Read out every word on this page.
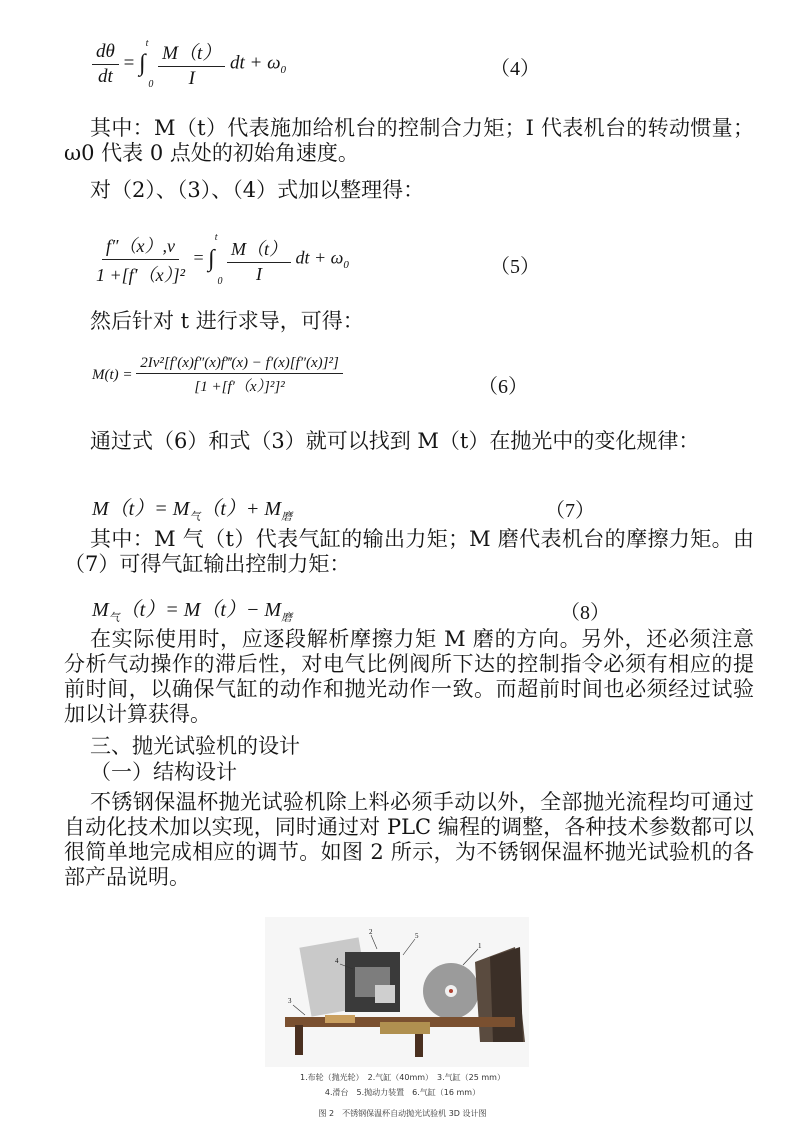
$\frac{d\theta}{dt} = \int^t0 \frac{M(t)}{I}$ dt + $\omega_0$	（4）

其中：M（t）代表施加给机台的控制合力矩；I 代表机台的转动惯量；ω0 代表 0 点处的初始角速度。

对（2）、（3）、（4）式加以整理得：

$\frac{f''(x),v}{\text{1 +[f′（x）]²}} = \int^t0 \frac{M(t)}{I}$ dt + $\omega_0$	（5）

然后针对 t 进行求导，可得：

$M(t) = \frac{\text{2Iv²[f′(x)f″(x)f‴(x) − f′(x)[f″(x)]²]}}{\text{[1 +[f′（x）]²]²}}$	（6）

通过式（6）和式（3）就可以找到 M（t）在抛光中的变化规律：

$M(t)= M_气(t)+ M_磨$	（7）

其中：M 气（t）代表气缸的输出力矩；M 磨代表机台的摩擦力矩。由（7）可得气缸输出控制力矩：

$M_气(t)= M(t)- M_磨$	（8）

在实际使用时，应逐段解析摩擦力矩 M 磨的方向。另外，还必须注意分析气动操作的滞后性，对电气比例阀所下达的控制指令必须有相应的提前时间，以确保气缸的动作和抛光动作一致。而超前时间也必须经过试验加以计算获得。

三、抛光试验机的设计

（一）结构设计

不锈钢保温杯抛光试验机除上料必须手动以外，全部抛光流程均可通过自动化技术加以实现，同时通过对 PLC 编程的调整，各种技术参数都可以很简单地完成相应的调节。如图 2 所示，为不锈钢保温杯抛光试验机的各部产品说明。

2	5
1
3
4
1.布轮（抛光轮）　2.气缸（40mm）　3.气缸（25 mm）
4.滑台　5.抛动力装置　6.气缸（16 mm）
图 2　不锈钢保温杯自动抛光试验机 3D 设计图
